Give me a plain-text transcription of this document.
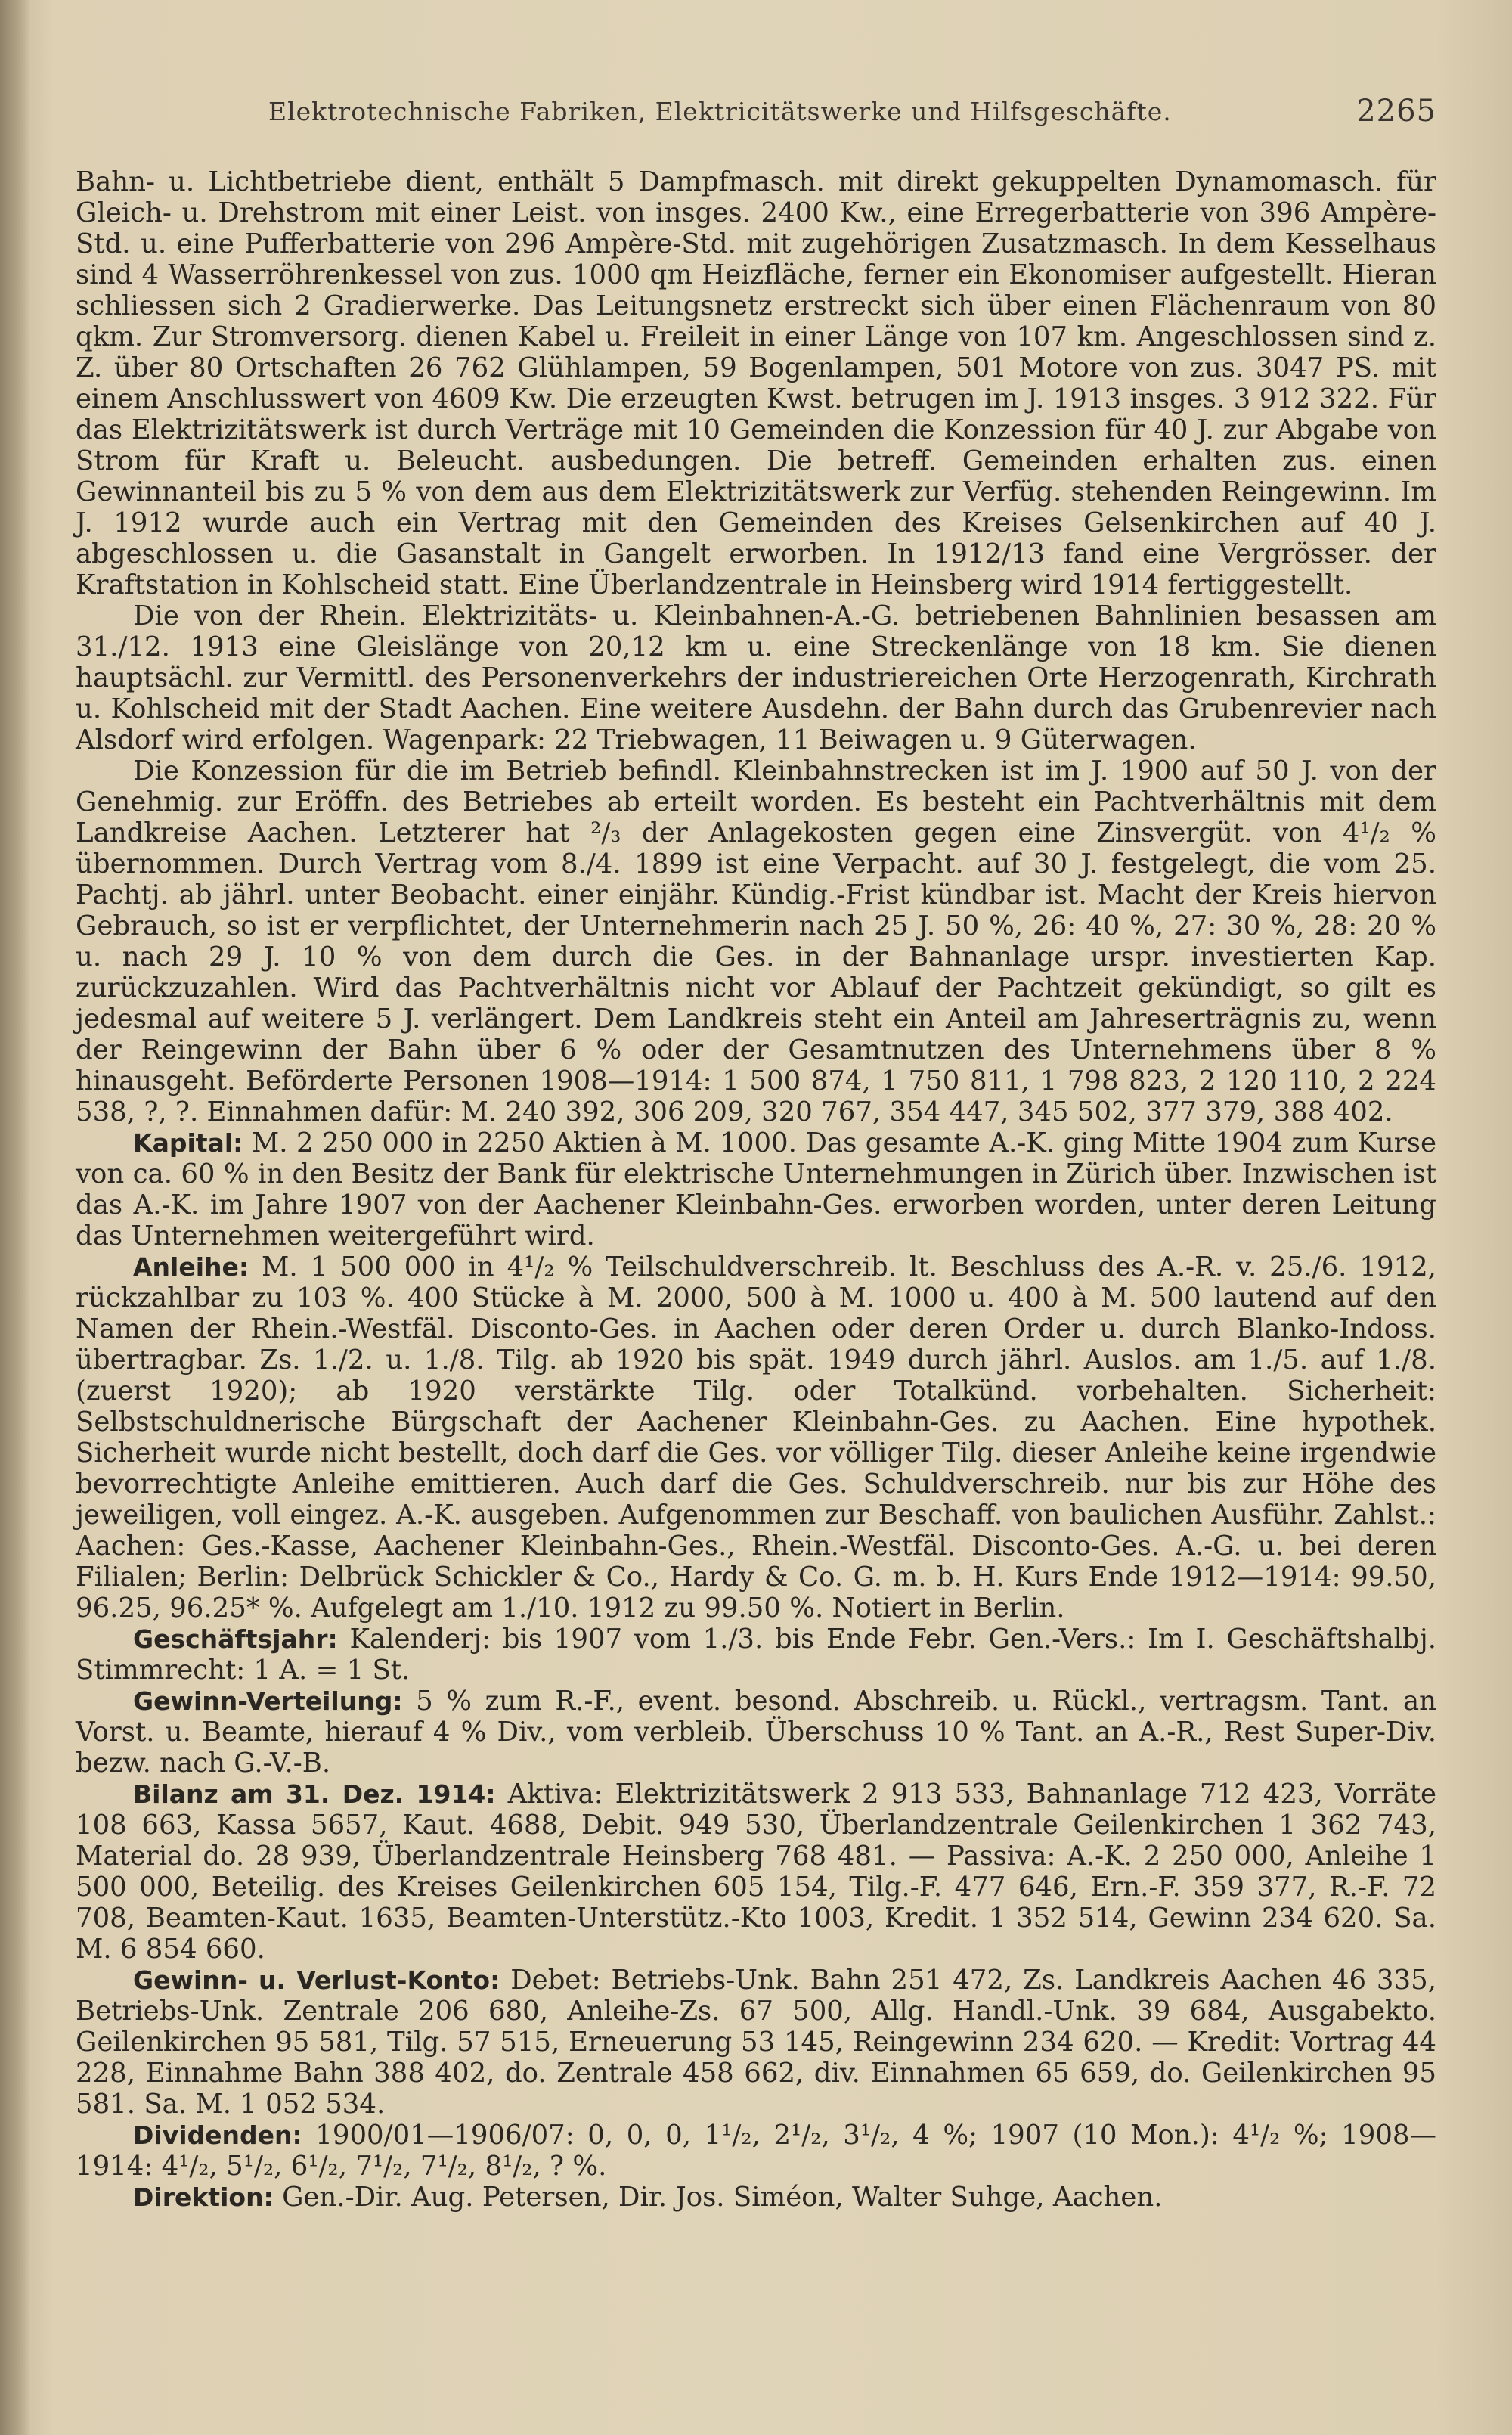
Elektrotechnische Fabriken, Elektricitätswerke und Hilfsgeschäfte.	2265

Bahn- u. Lichtbetriebe dient, enthält 5 Dampfmasch. mit direkt gekuppelten Dynamomasch. für Gleich- u. Drehstrom mit einer Leist. von insges. 2400 Kw., eine Erregerbatterie von 396 Ampère-Std. u. eine Pufferbatterie von 296 Ampère-Std. mit zugehörigen Zusatzmasch. In dem Kesselhaus sind 4 Wasserröhrenkessel von zus. 1000 qm Heizfläche, ferner ein Ekonomiser aufgestellt. Hieran schliessen sich 2 Gradierwerke. Das Leitungsnetz erstreckt sich über einen Flächenraum von 80 qkm. Zur Stromversorg. dienen Kabel u. Freileit in einer Länge von 107 km. Angeschlossen sind z. Z. über 80 Ortschaften 26 762 Glühlampen, 59 Bogenlampen, 501 Motore von zus. 3047 PS. mit einem Anschlusswert von 4609 Kw. Die erzeugten Kwst. betrugen im J. 1913 insges. 3 912 322. Für das Elektrizitätswerk ist durch Verträge mit 10 Gemeinden die Konzession für 40 J. zur Abgabe von Strom für Kraft u. Beleucht. ausbedungen. Die betreff. Gemeinden erhalten zus. einen Gewinnanteil bis zu 5 % von dem aus dem Elektrizitätswerk zur Verfüg. stehenden Reingewinn. Im J. 1912 wurde auch ein Vertrag mit den Gemeinden des Kreises Gelsenkirchen auf 40 J. abgeschlossen u. die Gasanstalt in Gangelt erworben. In 1912/13 fand eine Vergrösser. der Kraftstation in Kohlscheid statt. Eine Überlandzentrale in Heinsberg wird 1914 fertiggestellt.

Die von der Rhein. Elektrizitäts- u. Kleinbahnen-A.-G. betriebenen Bahnlinien besassen am 31./12. 1913 eine Gleislänge von 20,12 km u. eine Streckenlänge von 18 km. Sie dienen hauptsächl. zur Vermittl. des Personenverkehrs der industriereichen Orte Herzogenrath, Kirchrath u. Kohlscheid mit der Stadt Aachen. Eine weitere Ausdehn. der Bahn durch das Grubenrevier nach Alsdorf wird erfolgen. Wagenpark: 22 Triebwagen, 11 Beiwagen u. 9 Güterwagen.

Die Konzession für die im Betrieb befindl. Kleinbahnstrecken ist im J. 1900 auf 50 J. von der Genehmig. zur Eröffn. des Betriebes ab erteilt worden. Es besteht ein Pachtverhältnis mit dem Landkreise Aachen. Letzterer hat ²/₃ der Anlagekosten gegen eine Zinsvergüt. von 4¹/₂ % übernommen. Durch Vertrag vom 8./4. 1899 ist eine Verpacht. auf 30 J. festgelegt, die vom 25. Pachtj. ab jährl. unter Beobacht. einer einjähr. Kündig.-Frist kündbar ist. Macht der Kreis hiervon Gebrauch, so ist er verpflichtet, der Unternehmerin nach 25 J. 50 %, 26: 40 %, 27: 30 %, 28: 20 % u. nach 29 J. 10 % von dem durch die Ges. in der Bahnanlage urspr. investierten Kap. zurückzuzahlen. Wird das Pachtverhältnis nicht vor Ablauf der Pachtzeit gekündigt, so gilt es jedesmal auf weitere 5 J. verlängert. Dem Landkreis steht ein Anteil am Jahreserträgnis zu, wenn der Reingewinn der Bahn über 6 % oder der Gesamtnutzen des Unternehmens über 8 % hinausgeht. Beförderte Personen 1908—1914: 1 500 874, 1 750 811, 1 798 823, 2 120 110, 2 224 538, ?, ?. Einnahmen dafür: M. 240 392, 306 209, 320 767, 354 447, 345 502, 377 379, 388 402.

Kapital: M. 2 250 000 in 2250 Aktien à M. 1000. Das gesamte A.-K. ging Mitte 1904 zum Kurse von ca. 60 % in den Besitz der Bank für elektrische Unternehmungen in Zürich über. Inzwischen ist das A.-K. im Jahre 1907 von der Aachener Kleinbahn-Ges. erworben worden, unter deren Leitung das Unternehmen weitergeführt wird.

Anleihe: M. 1 500 000 in 4¹/₂ % Teilschuldverschreib. lt. Beschluss des A.-R. v. 25./6. 1912, rückzahlbar zu 103 %. 400 Stücke à M. 2000, 500 à M. 1000 u. 400 à M. 500 lautend auf den Namen der Rhein.-Westfäl. Disconto-Ges. in Aachen oder deren Order u. durch Blanko-Indoss. übertragbar. Zs. 1./2. u. 1./8. Tilg. ab 1920 bis spät. 1949 durch jährl. Auslos. am 1./5. auf 1./8. (zuerst 1920); ab 1920 verstärkte Tilg. oder Totalkünd. vorbehalten. Sicherheit: Selbstschuldnerische Bürgschaft der Aachener Kleinbahn-Ges. zu Aachen. Eine hypothek. Sicherheit wurde nicht bestellt, doch darf die Ges. vor völliger Tilg. dieser Anleihe keine irgendwie bevorrechtigte Anleihe emittieren. Auch darf die Ges. Schuldverschreib. nur bis zur Höhe des jeweiligen, voll eingez. A.-K. ausgeben. Aufgenommen zur Beschaff. von baulichen Ausführ. Zahlst.: Aachen: Ges.-Kasse, Aachener Kleinbahn-Ges., Rhein.-Westfäl. Disconto-Ges. A.-G. u. bei deren Filialen; Berlin: Delbrück Schickler & Co., Hardy & Co. G. m. b. H. Kurs Ende 1912—1914: 99.50, 96.25, 96.25* %. Aufgelegt am 1./10. 1912 zu 99.50 %. Notiert in Berlin.

Geschäftsjahr: Kalenderj: bis 1907 vom 1./3. bis Ende Febr. Gen.-Vers.: Im I. Geschäftshalbj. Stimmrecht: 1 A. = 1 St.

Gewinn-Verteilung: 5 % zum R.-F., event. besond. Abschreib. u. Rückl., vertragsm. Tant. an Vorst. u. Beamte, hierauf 4 % Div., vom verbleib. Überschuss 10 % Tant. an A.-R., Rest Super-Div. bezw. nach G.-V.-B.

Bilanz am 31. Dez. 1914: Aktiva: Elektrizitätswerk 2 913 533, Bahnanlage 712 423, Vorräte 108 663, Kassa 5657, Kaut. 4688, Debit. 949 530, Überlandzentrale Geilenkirchen 1 362 743, Material do. 28 939, Überlandzentrale Heinsberg 768 481. — Passiva: A.-K. 2 250 000, Anleihe 1 500 000, Beteilig. des Kreises Geilenkirchen 605 154, Tilg.-F. 477 646, Ern.-F. 359 377, R.-F. 72 708, Beamten-Kaut. 1635, Beamten-Unterstütz.-Kto 1003, Kredit. 1 352 514, Gewinn 234 620. Sa. M. 6 854 660.

Gewinn- u. Verlust-Konto: Debet: Betriebs-Unk. Bahn 251 472, Zs. Landkreis Aachen 46 335, Betriebs-Unk. Zentrale 206 680, Anleihe-Zs. 67 500, Allg. Handl.-Unk. 39 684, Ausgabekto. Geilenkirchen 95 581, Tilg. 57 515, Erneuerung 53 145, Reingewinn 234 620. — Kredit: Vortrag 44 228, Einnahme Bahn 388 402, do. Zentrale 458 662, div. Einnahmen 65 659, do. Geilenkirchen 95 581. Sa. M. 1 052 534.

Dividenden: 1900/01—1906/07: 0, 0, 0, 1¹/₂, 2¹/₂, 3¹/₂, 4 %; 1907 (10 Mon.): 4¹/₂ %; 1908—1914: 4¹/₂, 5¹/₂, 6¹/₂, 7¹/₂, 7¹/₂, 8¹/₂, ? %.

Direktion: Gen.-Dir. Aug. Petersen, Dir. Jos. Siméon, Walter Suhge, Aachen.
